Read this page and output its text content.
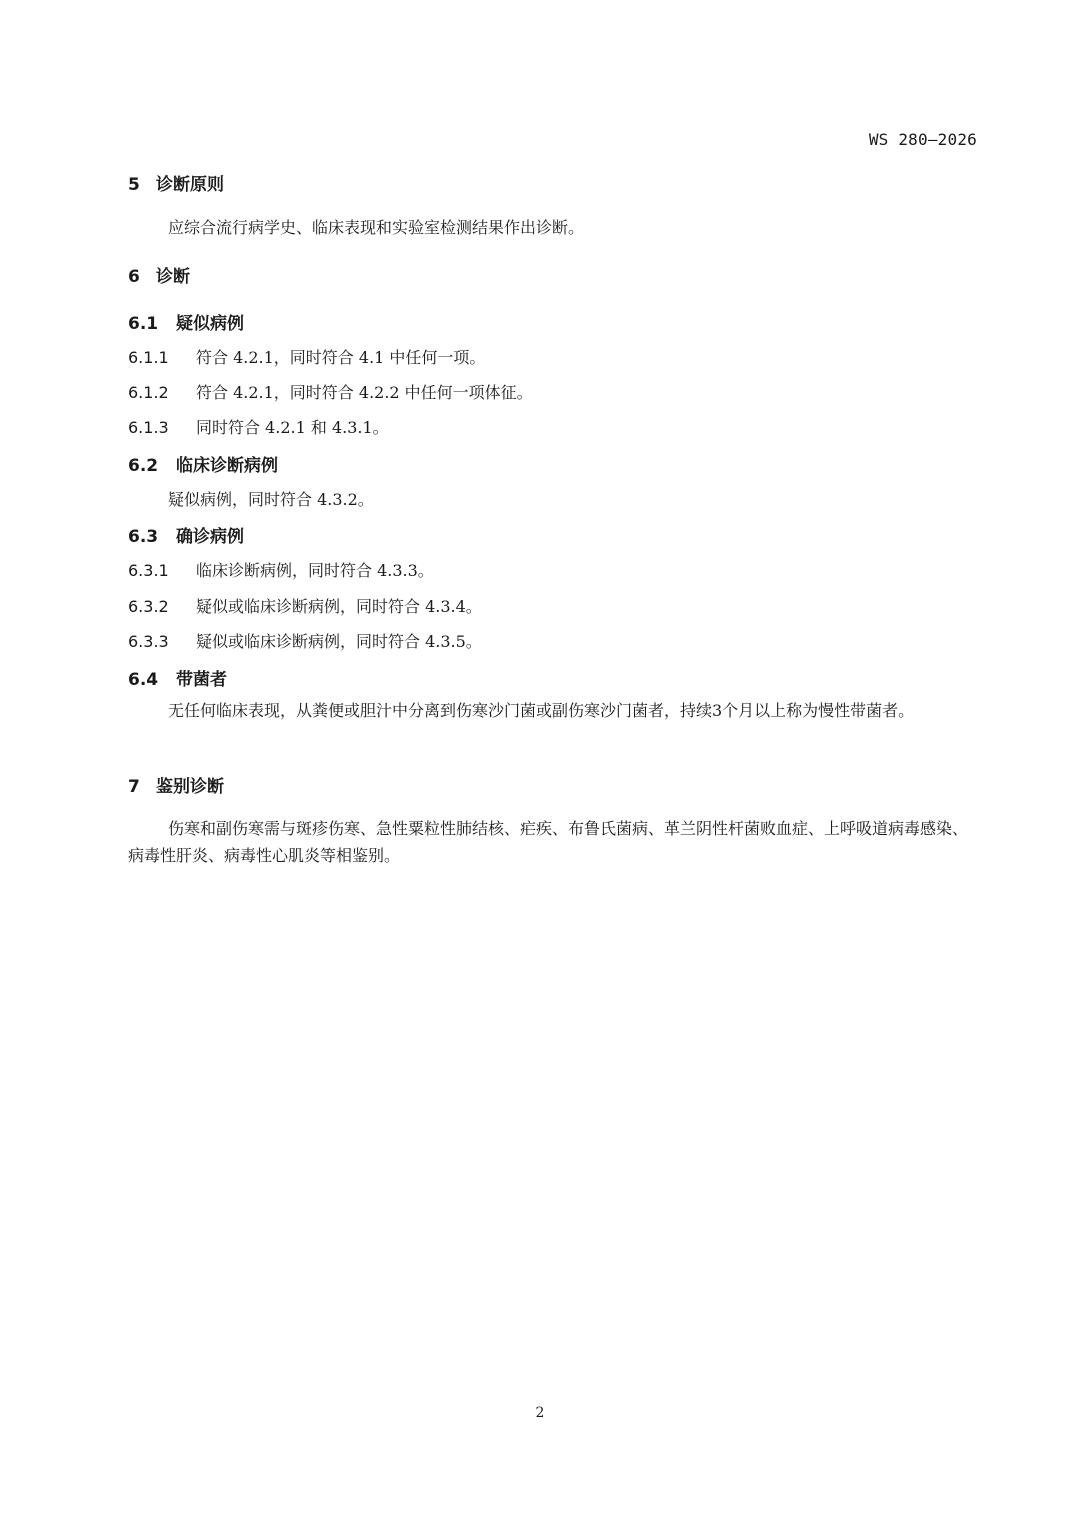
WS 280—2026
5 诊断原则
应综合流行病学史、临床表现和实验室检测结果作出诊断。
6 诊断
6.1 疑似病例
6.1.1 符合 4.2.1，同时符合 4.1 中任何一项。
6.1.2 符合 4.2.1，同时符合 4.2.2 中任何一项体征。
6.1.3 同时符合 4.2.1 和 4.3.1。
6.2 临床诊断病例
疑似病例，同时符合 4.3.2。
6.3 确诊病例
6.3.1 临床诊断病例，同时符合 4.3.3。
6.3.2 疑似或临床诊断病例，同时符合 4.3.4。
6.3.3 疑似或临床诊断病例，同时符合 4.3.5。
6.4 带菌者
无任何临床表现，从粪便或胆汁中分离到伤寒沙门菌或副伤寒沙门菌者，持续3个月以上称为慢性带菌者。
7 鉴别诊断
伤寒和副伤寒需与斑疹伤寒、急性粟粒性肺结核、疟疾、布鲁氏菌病、革兰阴性杆菌败血症、上呼吸道病毒感染、病毒性肝炎、病毒性心肌炎等相鉴别。
2
